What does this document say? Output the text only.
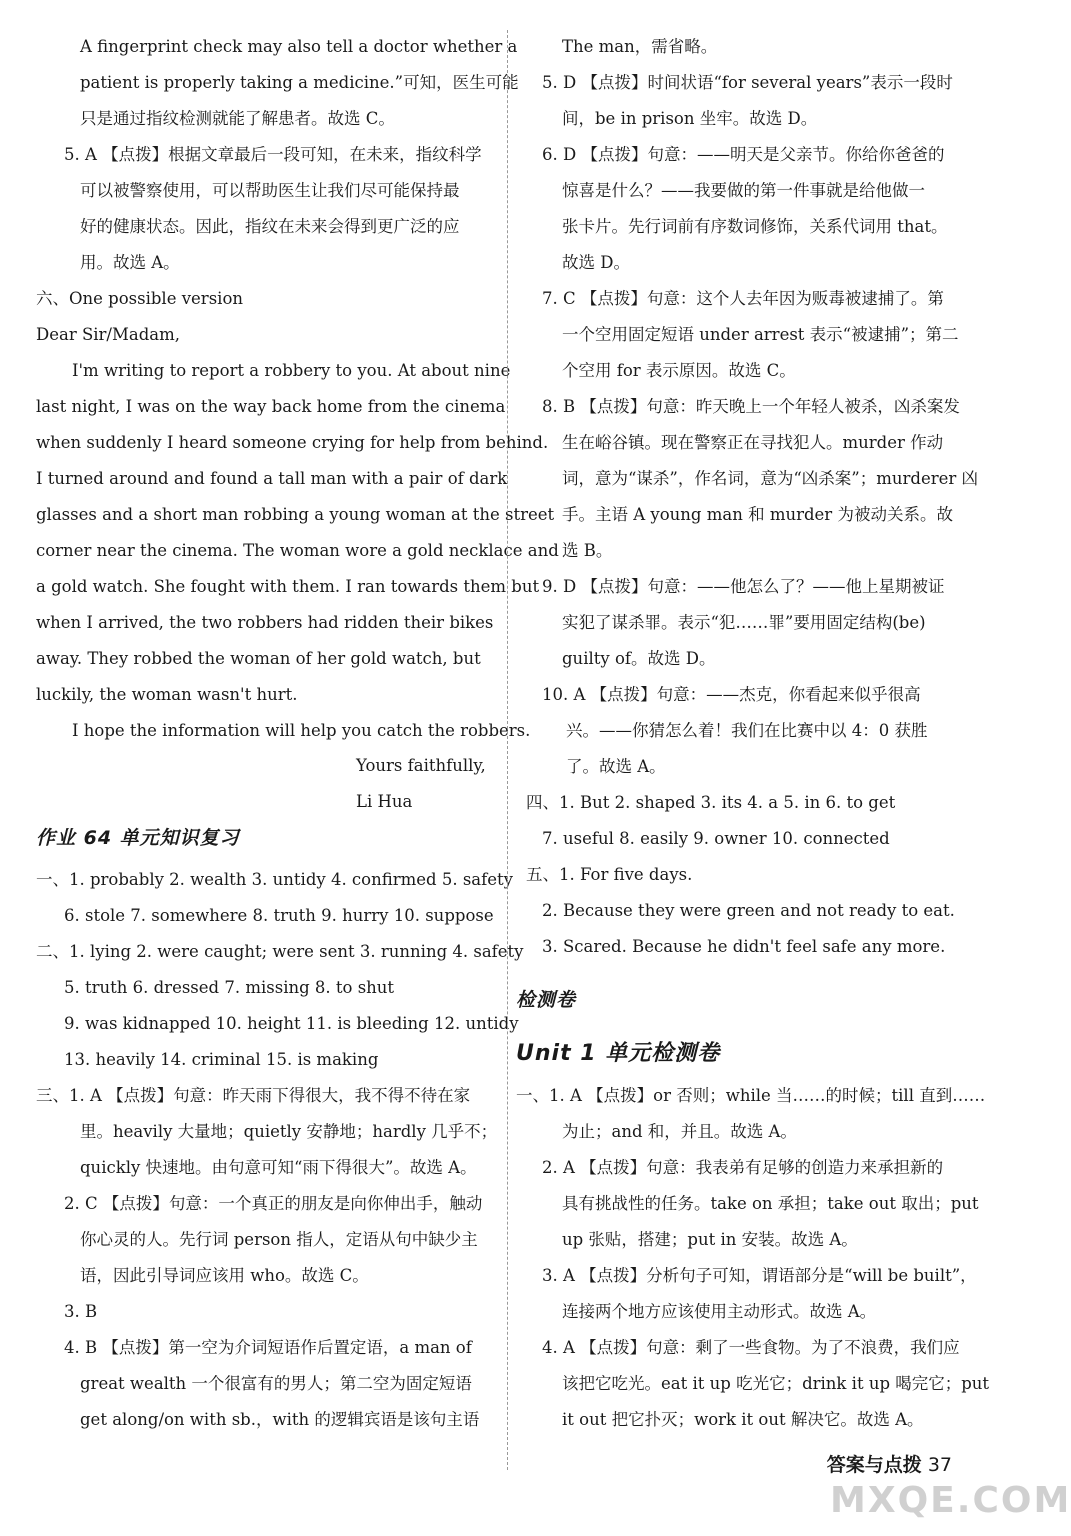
A fingerprint check may also tell a doctor whether a
patient is properly taking a medicine.”可知，医生可能
只是通过指纹检测就能了解患者。故选 C。
5. A 【点拨】根据文章最后一段可知，在未来，指纹科学
可以被警察使用，可以帮助医生让我们尽可能保持最
好的健康状态。因此，指纹在未来会得到更广泛的应
用。故选 A。
六、One possible version
Dear Sir/Madam,
I'm writing to report a robbery to you. At about nine
last night, I was on the way back home from the cinema
when suddenly I heard someone crying for help from behind.
I turned around and found a tall man with a pair of dark
glasses and a short man robbing a young woman at the street
corner near the cinema. The woman wore a gold necklace and
a gold watch. She fought with them. I ran towards them but
when I arrived, the two robbers had ridden their bikes
away. They robbed the woman of her gold watch, but
luckily, the woman wasn't hurt.
I hope the information will help you catch the robbers.
Yours faithfully,
Li Hua
作业 64 单元知识复习
一、1. probably 2. wealth 3. untidy 4. confirmed 5. safety
6. stole 7. somewhere 8. truth 9. hurry 10. suppose
二、1. lying 2. were caught; were sent 3. running 4. safety
5. truth 6. dressed 7. missing 8. to shut
9. was kidnapped 10. height 11. is bleeding 12. untidy
13. heavily 14. criminal 15. is making
三、1. A 【点拨】句意：昨天雨下得很大，我不得不待在家
里。heavily 大量地；quietly 安静地；hardly 几乎不；
quickly 快速地。由句意可知“雨下得很大”。故选 A。
2. C 【点拨】句意：一个真正的朋友是向你伸出手，触动
你心灵的人。先行词 person 指人，定语从句中缺少主
语，因此引导词应该用 who。故选 C。
3. B
4. B 【点拨】第一空为介词短语作后置定语，a man of
great wealth 一个很富有的男人；第二空为固定短语
get along/on with sb.，with 的逻辑宾语是该句主语
The man，需省略。
5. D 【点拨】时间状语“for several years”表示一段时
间，be in prison 坐牢。故选 D。
6. D 【点拨】句意：——明天是父亲节。你给你爸爸的
惊喜是什么？——我要做的第一件事就是给他做一
张卡片。先行词前有序数词修饰，关系代词用 that。
故选 D。
7. C 【点拨】句意：这个人去年因为贩毒被逮捕了。第
一个空用固定短语 under arrest 表示“被逮捕”；第二
个空用 for 表示原因。故选 C。
8. B 【点拨】句意：昨天晚上一个年轻人被杀，凶杀案发
生在峪谷镇。现在警察正在寻找犯人。murder 作动
词，意为“谋杀”，作名词，意为“凶杀案”；murderer 凶
手。主语 A young man 和 murder 为被动关系。故
选 B。
9. D 【点拨】句意：——他怎么了？——他上星期被证
实犯了谋杀罪。表示“犯……罪”要用固定结构(be)
guilty of。故选 D。
10. A 【点拨】句意：——杰克，你看起来似乎很高
兴。——你猜怎么着！我们在比赛中以 4：0 获胜
了。故选 A。
四、1. But 2. shaped 3. its 4. a 5. in 6. to get
7. useful 8. easily 9. owner 10. connected
五、1. For five days.
2. Because they were green and not ready to eat.
3. Scared. Because he didn't feel safe any more.
检测卷
Unit 1 单元检测卷
一、1. A 【点拨】or 否则；while 当……的时候；till 直到……
为止；and 和，并且。故选 A。
2. A 【点拨】句意：我表弟有足够的创造力来承担新的
具有挑战性的任务。take on 承担；take out 取出；put
up 张贴，搭建；put in 安装。故选 A。
3. A 【点拨】分析句子可知，谓语部分是“will be built”，
连接两个地方应该使用主动形式。故选 A。
4. A 【点拨】句意：剩了一些食物。为了不浪费，我们应
该把它吃光。eat it up 吃光它；drink it up 喝完它；put
it out 把它扑灭；work it out 解决它。故选 A。
答案与点拨 37
MXQE.COM
